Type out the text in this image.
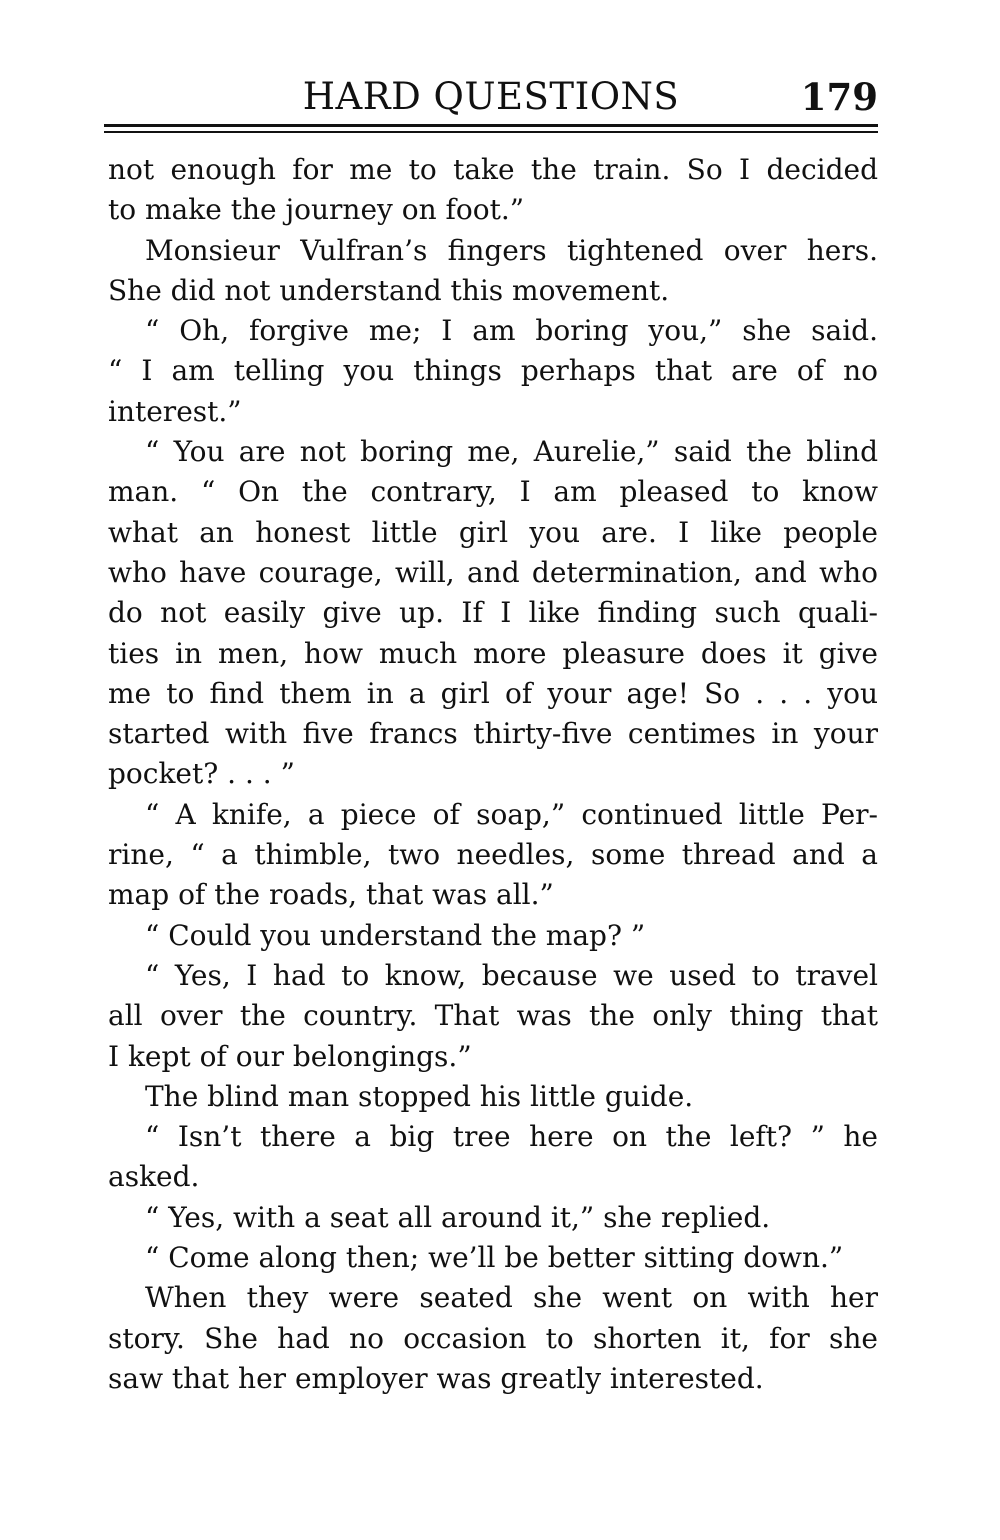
HARD QUESTIONS	179
not enough for me to take the train. So I decided
to make the journey on foot.”
Monsieur Vulfran’s fingers tightened over hers.
She did not understand this movement.
“ Oh, forgive me; I am boring you,” she said.
“ I am telling you things perhaps that are of no
interest.”
“ You are not boring me, Aurelie,” said the blind
man. “ On the contrary, I am pleased to know
what an honest little girl you are. I like people
who have courage, will, and determination, and who
do not easily give up. If I like finding such quali-
ties in men, how much more pleasure does it give
me to find them in a girl of your age! So . . . you
started with five francs thirty-five centimes in your
pocket? . . . ”
“ A knife, a piece of soap,” continued little Per-
rine, “ a thimble, two needles, some thread and a
map of the roads, that was all.”
“ Could you understand the map? ”
“ Yes, I had to know, because we used to travel
all over the country. That was the only thing that
I kept of our belongings.”
The blind man stopped his little guide.
“ Isn’t there a big tree here on the left? ” he
asked.
“ Yes, with a seat all around it,” she replied.
“ Come along then; we’ll be better sitting down.”
When they were seated she went on with her
story. She had no occasion to shorten it, for she
saw that her employer was greatly interested.
